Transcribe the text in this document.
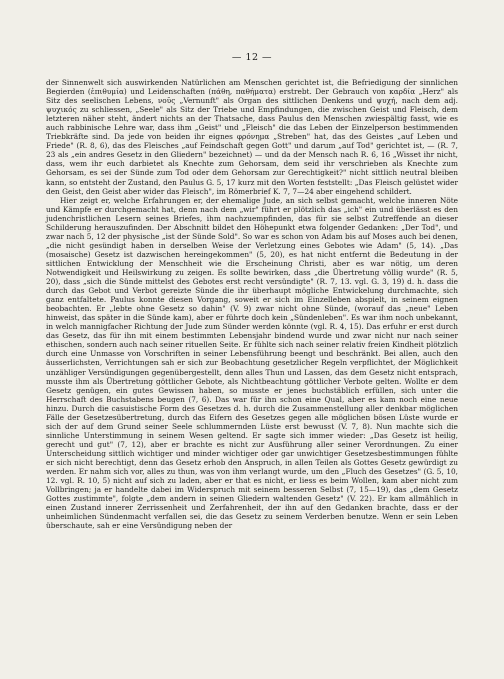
— 12 —

der Sinnenwelt sich auswirkenden Natürlichen am Menschen gerichtet ist, die Befriedigung der sinnlichen Begierden (ἐπιθυμία) und Leidenschaften (πάθη, παθήματα) erstrebt. Der Gebrauch von καρδία „Herz" als Sitz des seelischen Lebens, νοῦς „Vernunft" als Organ des sittlichen Denkens und ψυχή, nach dem adj. ψυχικός zu schliessen, „Seele" als Sitz der Triebe und Empfindungen, die zwischen Geist und Fleisch, dem letzteren näher steht, ändert nichts an der Thatsache, dass Paulus den Menschen zwiespältig fasst, wie es auch rabbinische Lehre war, dass ihm „Geist" und „Fleisch" die das Leben der Einzelperson bestimmenden Triebkräfte sind. Da jede von beiden ihr eignes φρόνημα „Streben" hat, das des Geistes „auf Leben und Friede" (R. 8, 6), das des Fleisches „auf Feindschaft gegen Gott" und darum „auf Tod" gerichtet ist, — (R. 7, 23 als „ein andres Gesetz in den Gliedern" bezeichnet) — und da der Mensch nach R. 6, 16 „Wisset ihr nicht, dass, wem ihr euch darbietet als Knechte zum Gehorsam, dem seid ihr verschrieben als Knechte zum Gehorsam, es sei der Sünde zum Tod oder dem Gehorsam zur Gerechtigkeit?" nicht sittlich neutral bleiben kann, so entsteht der Zustand, den Paulus G. 5, 17 kurz mit den Worten feststellt: „Das Fleisch gelüstet wider den Geist, den Geist aber wider das Fleisch", im Römerbrief K. 7, 7—24 aber eingehend schildert.

Hier zeigt er, welche Erfahrungen er, der ehemalige Jude, an sich selbst gemacht, welche inneren Nöte und Kämpfe er durchgemacht hat, denn nach dem „wir" führt er plötzlich das „ich" ein und überlässt es den judenchristlichen Lesern seines Briefes, ihm nachzuempfinden, das für sie selbst Zutreffende an dieser Schilderung herauszufinden. Der Abschnitt bildet den Höhepunkt etwa folgender Gedanken: „Der Tod", und zwar nach 5, 12 der physische „ist der Sünde Sold". So war es schon von Adam bis auf Moses auch bei denen, „die nicht gesündigt haben in derselben Weise der Verletzung eines Gebotes wie Adam" (5, 14). „Das (mosaische) Gesetz ist dazwischen hereingekommen" (5, 20), es hat nicht entfernt die Bedeutung in der sittlichen Entwicklung der Menschheit wie die Erscheinung Christi, aber es war nötig, um deren Notwendigkeit und Heilswirkung zu zeigen. Es sollte bewirken, dass „die Übertretung völlig wurde" (R. 5, 20), dass „sich die Sünde mittelst des Gebotes erst recht versündigte" (R. 7, 13. vgl. G. 3, 19) d. h. dass die durch das Gebot und Verbot gereizte Sünde die ihr überhaupt mögliche Entwickelung durchmachte, sich ganz entfaltete. Paulus konnte diesen Vorgang, soweit er sich im Einzelleben abspielt, in seinem eignen beobachten. Er „lebte ohne Gesetz so dahin" (V. 9) zwar nicht ohne Sünde, (worauf das „neue" Leben hinweist, das später in die Sünde kam), aber er führte doch kein „Sündenleben". Es war ihm noch unbekannt, in welch mannigfacher Richtung der Jude zum Sünder werden könnte (vgl. R. 4, 15). Das erfuhr er erst durch das Gesetz, das für ihn mit einem bestimmten Lebensjahr bindend wurde und zwar nicht nur nach seiner ethischen, sondern auch nach seiner rituellen Seite. Er fühlte sich nach seiner relativ freien Kindheit plötzlich durch eine Unmasse von Vorschriften in seiner Lebensführung beengt und beschränkt. Bei allen, auch den äusserlichsten, Verrichtungen sah er sich zur Beobachtung gesetzlicher Regeln verpflichtet, der Möglichkeit unzähliger Versündigungen gegenübergestellt, denn alles Thun und Lassen, das dem Gesetz nicht entsprach, musste ihm als Übertretung göttlicher Gebote, als Nichtbeachtung göttlicher Verbote gelten. Wollte er dem Gesetz genügen, ein gutes Gewissen haben, so musste er jenes buchstäblich erfüllen, sich unter die Herrschaft des Buchstabens beugen (7, 6). Das war für ihn schon eine Qual, aber es kam noch eine neue hinzu. Durch die casuistische Form des Gesetzes d. h. durch die Zusammenstellung aller denkbar möglichen Fälle der Gesetzesübertretung, durch das Eifern des Gesetzes gegen alle möglichen bösen Lüste wurde er sich der auf dem Grund seiner Seele schlummernden Lüste erst bewusst (V. 7, 8). Nun machte sich die sinnliche Unterstimmung in seinem Wesen geltend. Er sagte sich immer wieder: „Das Gesetz ist heilig, gerecht und gut" (7, 12), aber er brachte es nicht zur Ausführung aller seiner Verordnungen. Zu einer Unterscheidung sittlich wichtiger und minder wichtiger oder gar unwichtiger Gesetzesbestimmungen fühlte er sich nicht berechtigt, denn das Gesetz erhob den Anspruch, in allen Teilen als Gottes Gesetz gewürdigt zu werden. Er nahm sich vor, alles zu thun, was von ihm verlangt wurde, um den „Fluch des Gesetzes" (G. 5, 10, 12. vgl. R. 10, 5) nicht auf sich zu laden, aber er that es nicht, er liess es beim Wollen, kam aber nicht zum Vollbringen; ja er handelte dabei im Widerspruch mit seinem besseren Selbst (7, 15—19), das „dem Gesetz Gottes zustimmte", folgte „dem andern in seinen Gliedern waltenden Gesetz" (V. 22). Er kam allmählich in einen Zustand innerer Zerrissenheit und Zerfahrenheit, der ihn auf den Gedanken brachte, dass er der unheimlichen Sündenmacht verfallen sei, die das Gesetz zu seinem Verderben benutze. Wenn er sein Leben überschaute, sah er eine Versündigung neben der
